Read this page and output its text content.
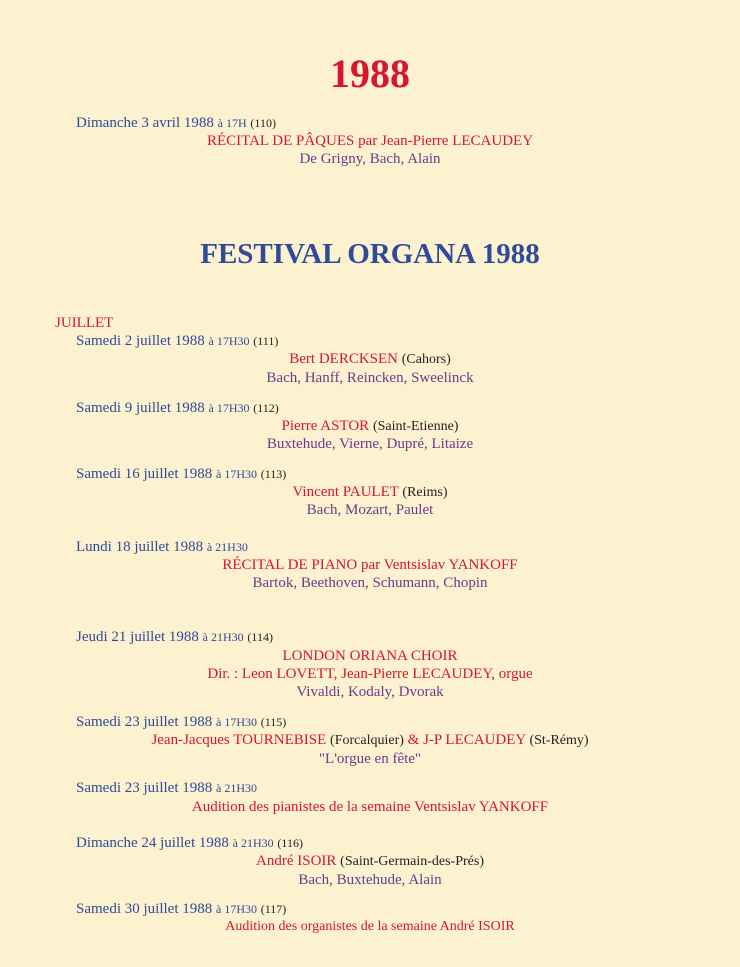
1988
Dimanche 3 avril 1988 à 17H (110)
RÉCITAL DE PÂQUES par Jean-Pierre LECAUDEY
De Grigny, Bach, Alain
FESTIVAL ORGANA 1988
JUILLET
Samedi 2 juillet 1988 à 17H30 (111)
Bert DERCKSEN (Cahors)
Bach, Hanff, Reincken, Sweelinck
Samedi 9 juillet 1988 à 17H30 (112)
Pierre ASTOR (Saint-Etienne)
Buxtehude, Vierne, Dupré, Litaize
Samedi 16 juillet 1988 à 17H30 (113)
Vincent PAULET (Reims)
Bach, Mozart, Paulet
Lundi 18 juillet 1988 à 21H30
RÉCITAL DE PIANO par Ventsislav YANKOFF
Bartok, Beethoven, Schumann, Chopin
Jeudi 21 juillet 1988 à 21H30 (114)
LONDON ORIANA CHOIR
Dir. : Leon LOVETT, Jean-Pierre LECAUDEY, orgue
Vivaldi, Kodaly, Dvorak
Samedi 23 juillet 1988 à 17H30 (115)
Jean-Jacques TOURNEBISE (Forcalquier) & J-P LECAUDEY (St-Rémy)
"L'orgue en fête"
Samedi 23 juillet 1988 à 21H30
Audition des pianistes de la semaine Ventsislav YANKOFF
Dimanche 24 juillet 1988 à 21H30 (116)
André ISOIR (Saint-Germain-des-Prés)
Bach, Buxtehude, Alain
Samedi 30 juillet 1988 à 17H30 (117)
Audition des organistes de la semaine André ISOIR
